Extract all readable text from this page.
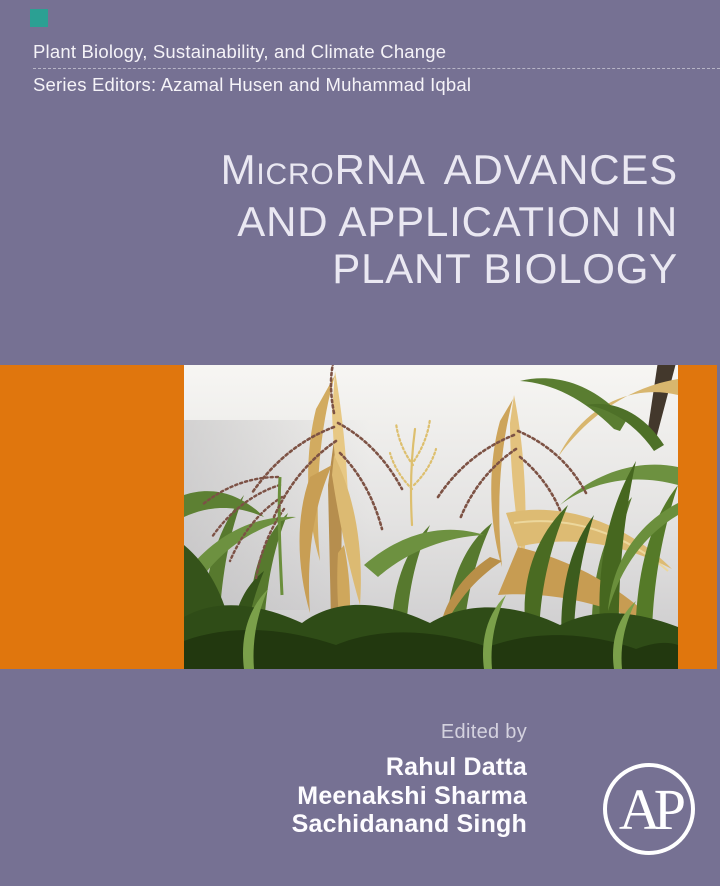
Plant Biology, Sustainability, and Climate Change
Series Editors: Azamal Husen and Muhammad Iqbal
MICRORNA ADVANCES
AND APPLICATION IN
PLANT BIOLOGY
Edited by
Rahul Datta
Meenakshi Sharma
Sachidanand Singh AP
